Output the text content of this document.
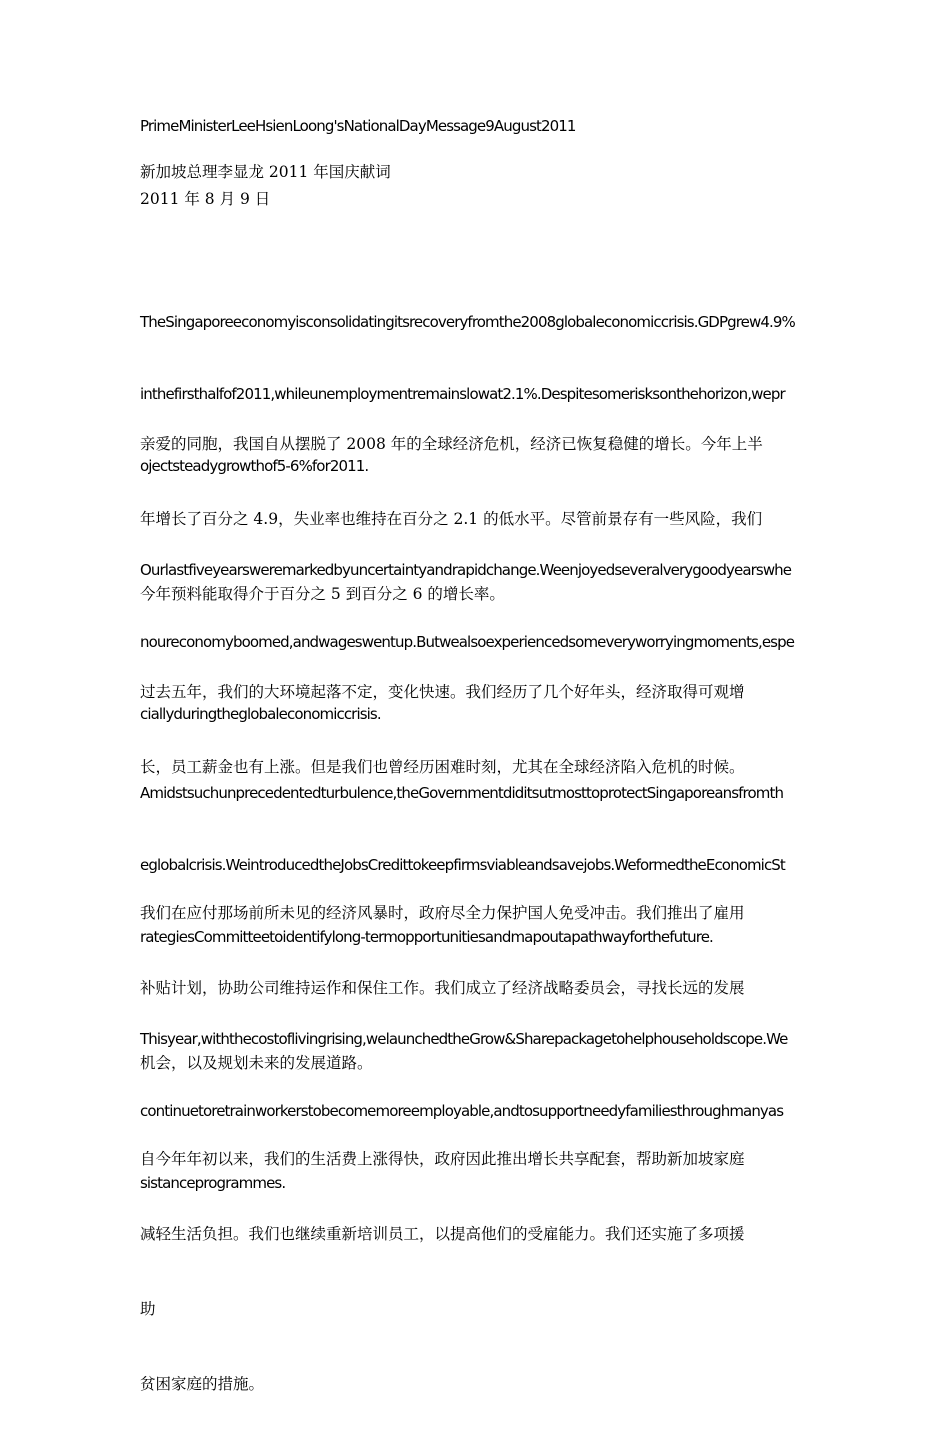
PrimeMinisterLeeHsienLoong'sNationalDayMessage9August2011

新加坡总理李显龙 2011 年国庆献词

2011 年 8 月 9 日

TheSingaporeeconomyisconsolidatingitsrecoveryfromthe2008globaleconomiccrisis.GDPgrew4.9%

inthefirsthalfof2011,whileunemploymentremainslowat2.1%.Despitesomerisksonthehorizon,wepr

ojectsteadygrowthof5-6%for2011.

亲爱的同胞，我国自从摆脱了 2008 年的全球经济危机，经济已恢复稳健的增长。今年上半

年增长了百分之 4.9，失业率也维持在百分之 2.1 的低水平。尽管前景存有一些风险，我们

今年预料能取得介于百分之 5 到百分之 6 的增长率。

Ourlastfiveyearsweremarkedbyuncertaintyandrapidchange.Weenjoyedseveralverygoodyearswhe

noureconomyboomed,andwageswentup.Butwealsoexperiencedsomeveryworryingmoments,espe

ciallyduringtheglobaleconomiccrisis.

过去五年，我们的大环境起落不定，变化快速。我们经历了几个好年头，经济取得可观增

长，员工薪金也有上涨。但是我们也曾经历困难时刻，尤其在全球经济陷入危机的时候。

Amidstsuchunprecedentedturbulence,theGovernmentdiditsutmosttoprotectSingaporeansfromth

eglobalcrisis.WeintroducedtheJobsCredittokeepfirmsviableandsavejobs.WeformedtheEconomicSt

rategiesCommitteetoidentifylong-termopportunitiesandmapoutapathwayforthefuture.

我们在应付那场前所未见的经济风暴时，政府尽全力保护国人免受冲击。我们推出了雇用

补贴计划，协助公司维持运作和保住工作。我们成立了经济战略委员会，寻找长远的发展

机会，以及规划未来的发展道路。

Thisyear,withthecostoflivingrising,welaunchedtheGrow&Sharepackagetohelphouseholdscope.We

continuetoretrainworkerstobecomemoreemployable,andtosupportneedyfamiliesthroughmanyas

sistanceprogrammes.

自今年年初以来，我们的生活费上涨得快，政府因此推出增长共享配套，帮助新加坡家庭

减轻生活负担。我们也继续重新培训员工，以提高他们的受雇能力。我们还实施了多项援

助

贫困家庭的措施。
